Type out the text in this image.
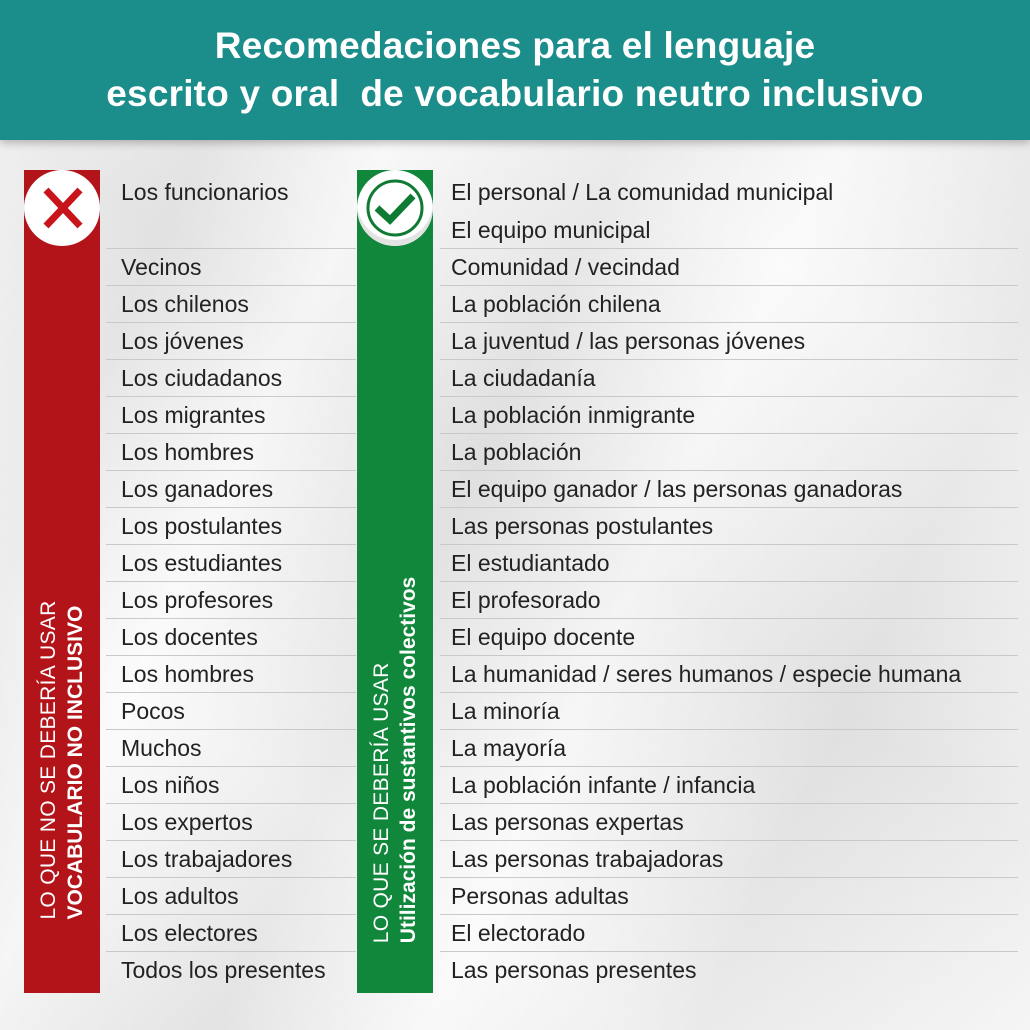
Recomedaciones para el lenguaje
escrito y oral  de vocabulario neutro inclusivo
LO QUE NO SE DEBERÍA USAR VOCABULARIO NO INCLUSIVO	LO QUE SE DEBERÍA USAR Utilización de sustantivos colectivos
Los funcionarios
Vecinos
Los chilenos
Los jóvenes
Los ciudadanos
Los migrantes
Los hombres
Los ganadores
Los postulantes
Los estudiantes
Los profesores
Los docentes
Los hombres
Pocos
Muchos
Los niños
Los expertos
Los trabajadores
Los adultos
Los electores
Todos los presentes
El personal / La comunidad municipal
El equipo municipal
Comunidad / vecindad
La población chilena
La juventud / las personas jóvenes
La ciudadanía
La población inmigrante
La población
El equipo ganador / las personas ganadoras
Las personas postulantes
El estudiantado
El profesorado
El equipo docente
La humanidad / seres humanos / especie humana
La minoría
La mayoría
La población infante / infancia
Las personas expertas
Las personas trabajadoras
Personas adultas
El electorado
Las personas presentes
